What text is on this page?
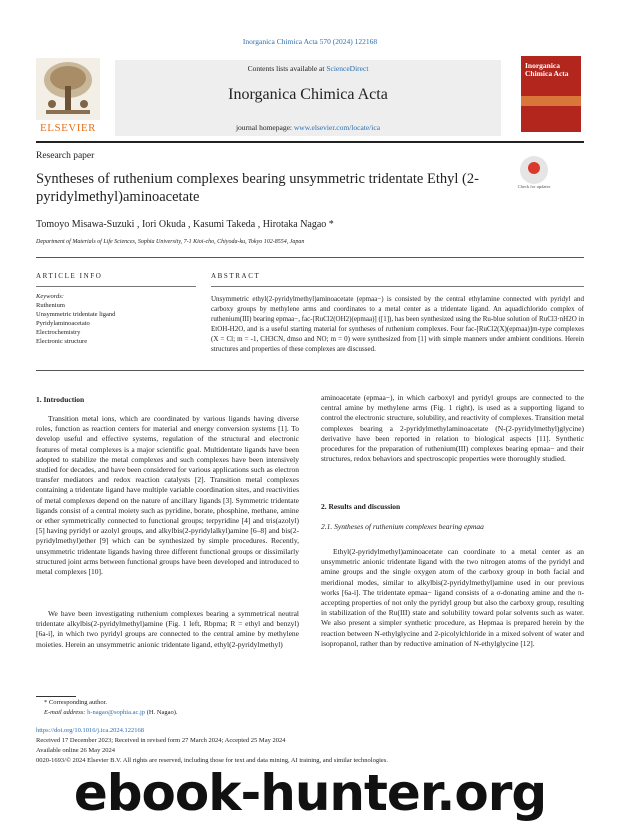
Inorganica Chimica Acta 570 (2024) 122168
ELSEVIER
Contents lists available at ScienceDirect
Inorganica Chimica Acta
journal homepage: www.elsevier.com/locate/ica
Inorganica Chimica Acta
Research paper
Syntheses of ruthenium complexes bearing unsymmetric tridentate Ethyl (2-pyridylmethyl)aminoacetate
Check for updates
Tomoyo Misawa-Suzuki , Iori Okuda , Kasumi Takeda , Hirotaka Nagao *
Department of Materials of Life Sciences, Sophia University, 7-1 Kioi-cho, Chiyoda-ku, Tokyo 102-8554, Japan
ARTICLE INFO	ABSTRACT
Keywords:
Ruthenium
Unsymmetric tridentate ligand
Pyridylaminoacetato
Electrochemistry
Electronic structure
Unsymmetric ethyl(2-pyridylmethyl)aminoacetate (epmaa−) is consisted by the central ethylamine connected with pyridyl and carboxy groups by methylene arms and coordinates to a metal center as a tridentate ligand. An aquadichlorido complex of ruthenium(III) bearing epmaa−, fac-[RuCl2(OH2)(epmaa)] ([1]), has been synthesized using the Ru-blue solution of RuCl3·nH2O in EtOH-H2O, and is a useful starting material for syntheses of ruthenium complexes. Four fac-[RuCl2(X)(epmaa)]m-type complexes (X = Cl; m = -1, CH3CN, dmso and NO; m = 0) were synthesized from [1] with simple manners under ambient conditions. Herein structures and properties of these complexes are discussed.
1. Introduction
Transition metal ions, which are coordinated by various ligands having diverse roles, function as reaction centers for material and energy conversion systems [1]. To develop useful and effective systems, regulation of the structural and electronic features of metal complexes is a major scientific goal. Multidentate ligands have been adopted to stabilize the metal complexes and such complexes have been intensively studied for decades, and have been considered for various applications such as electron transfer mediators and redox reaction catalysts [2]. Transition metal complexes containing a tridentate ligand have multiple variable coordination sites, and reactivities of metal complexes depend on the nature of ancillary ligands [3]. Symmetric tridentate ligands consist of a central moiety such as pyridine, borate, phosphine, methane, amine or ether symmetrically connected to functional groups; terpyridine [4] and tris(azolyl) [5] having pyridyl or azolyl groups, and alkylbis(2-pyridylalkyl)amine [6–8] and bis(2-pyridylmethyl)ether [9] which can be synthesized by simple procedures. Recently, unsymmetric tridentate ligands having three different functional groups or dissimilarly structured joint arms between functional groups have been developed and introduced to metal complexes [10].
We have been investigating ruthenium complexes bearing a symmetrical neutral tridentate alkylbis(2-pyridylmethyl)amine (Fig. 1 left, Rbpma; R = ethyl and benzyl) [6a-i], in which two pyridyl groups are connected to the central amine by methylene moieties. Herein an unsymmetric anionic tridentate ligand, ethyl(2-pyridylmethyl)
aminoacetate (epmaa−), in which carboxyl and pyridyl groups are connected to the central amine by methylene arms (Fig. 1 right), is used as a supporting ligand to control the electronic structure, solubility, and reactivity of complexes. Transition metal complexes bearing a 2-pyridylmethylaminoacetate (N-(2-pyridylmethyl)glycine) derivative have been reported in relation to biological aspects [11]. Synthetic procedures for the preparation of ruthenium(III) complexes bearing epmaa− and their structures, redox behaviors and spectroscopic properties were thoroughly studied.
2. Results and discussion
2.1. Syntheses of ruthenium complexes bearing epmaa
Ethyl(2-pyridylmethyl)aminoacetate can coordinate to a metal center as an unsymmetric anionic tridentate ligand with the two nitrogen atoms of the pyridyl and amine groups and the single oxygen atom of the carboxy group in both facial and meridional modes, similar to alkylbis(2-pyridylmethyl)amine used in our previous works [6a-i]. The tridentate epmaa− ligand consists of a σ-donating amine and the π-accepting properties of not only the pyridyl group but also the carboxy group, resulting in stabilization of the Ru(III) state and solubility toward polar solvents such as water. We also present a simpler synthetic procedure, as Hepmaa is prepared herein by the reaction between N-ethylglycine and 2-picolylchloride in a mixed solvent of water and isopropanol, rather than by reductive amination of N-ethylglycine [12].
* Corresponding author.
E-mail address: h-nagao@sophia.ac.jp (H. Nagao).
https://doi.org/10.1016/j.ica.2024.122168
Received 17 December 2023; Received in revised form 27 March 2024; Accepted 25 May 2024
Available online 26 May 2024
0020-1693/© 2024 Elsevier B.V. All rights are reserved, including those for text and data mining, AI training, and similar technologies.
ebook-hunter.org
